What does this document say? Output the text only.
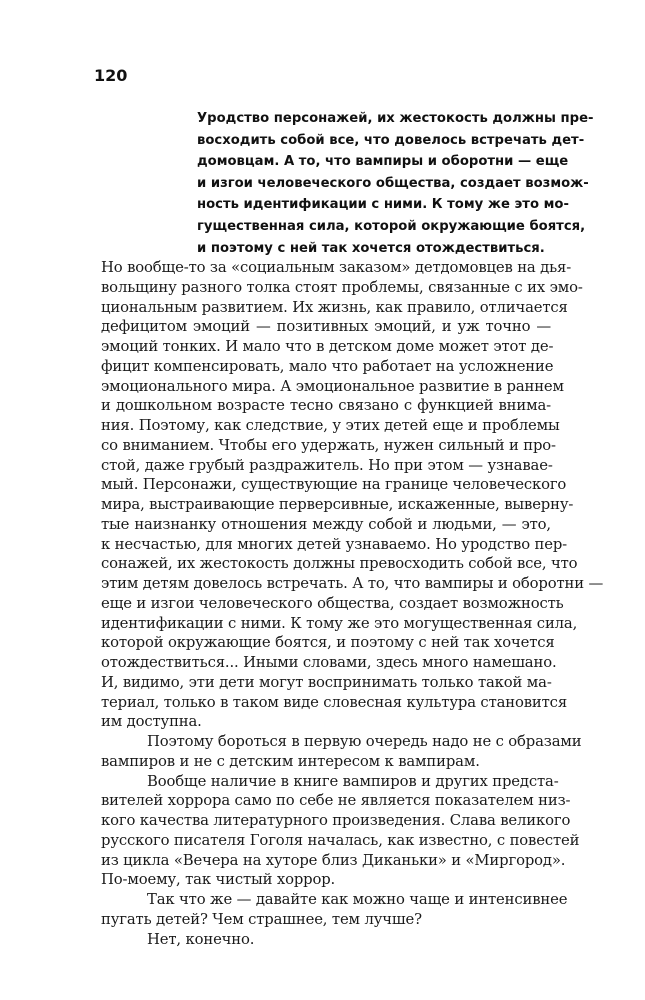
120
Уродство персонажей, их жестокость должны пре-
восходить собой все, что довелось встречать дет-
домовцам. А то, что вампиры и оборотни — еще
и изгои человеческого общества, создает возмож-
ность идентификации с ними. К тому же это мо-
гущественная сила, которой окружающие боятся,
и поэтому с ней так хочется отождествиться.
Но вообще-то за «социальным заказом» детдомовцев на дья-
вольщину разного толка стоят проблемы, связанные с их эмо-
циональным развитием. Их жизнь, как правило, отличается
дефицитом эмоций — позитивных эмоций, и уж точно —
эмоций тонких. И мало что в детском доме может этот де-
фицит компенсировать, мало что работает на усложнение
эмоционального мира. А эмоциональное развитие в раннем
и дошкольном возрасте тесно связано с функцией внима-
ния. Поэтому, как следствие, у этих детей еще и проблемы
со вниманием. Чтобы его удержать, нужен сильный и про-
стой, даже грубый раздражитель. Но при этом — узнавае-
мый. Персонажи, существующие на границе человеческого
мира, выстраивающие перверсивные, искаженные, выверну-
тые наизнанку отношения между собой и людьми, — это,
к несчастью, для многих детей узнаваемо. Но уродство пер-
сонажей, их жестокость должны превосходить собой все, что
этим детям довелось встречать. А то, что вампиры и оборотни —
еще и изгои человеческого общества, создает возможность
идентификации с ними. К тому же это могущественная сила,
которой окружающие боятся, и поэтому с ней так хочется
отождествиться... Иными словами, здесь много намешано.
И, видимо, эти дети могут воспринимать только такой ма-
териал, только в таком виде словесная культура становится
им доступна.
Поэтому бороться в первую очередь надо не с образами
вампиров и не с детским интересом к вампирам.
Вообще наличие в книге вампиров и других предста-
вителей хоррора само по себе не является показателем низ-
кого качества литературного произведения. Слава великого
русского писателя Гоголя началась, как известно, с повестей
из цикла «Вечера на хуторе близ Диканьки» и «Миргород».
По-моему, так чистый хоррор.
Так что же — давайте как можно чаще и интенсивнее
пугать детей? Чем страшнее, тем лучше?
Нет, конечно.
